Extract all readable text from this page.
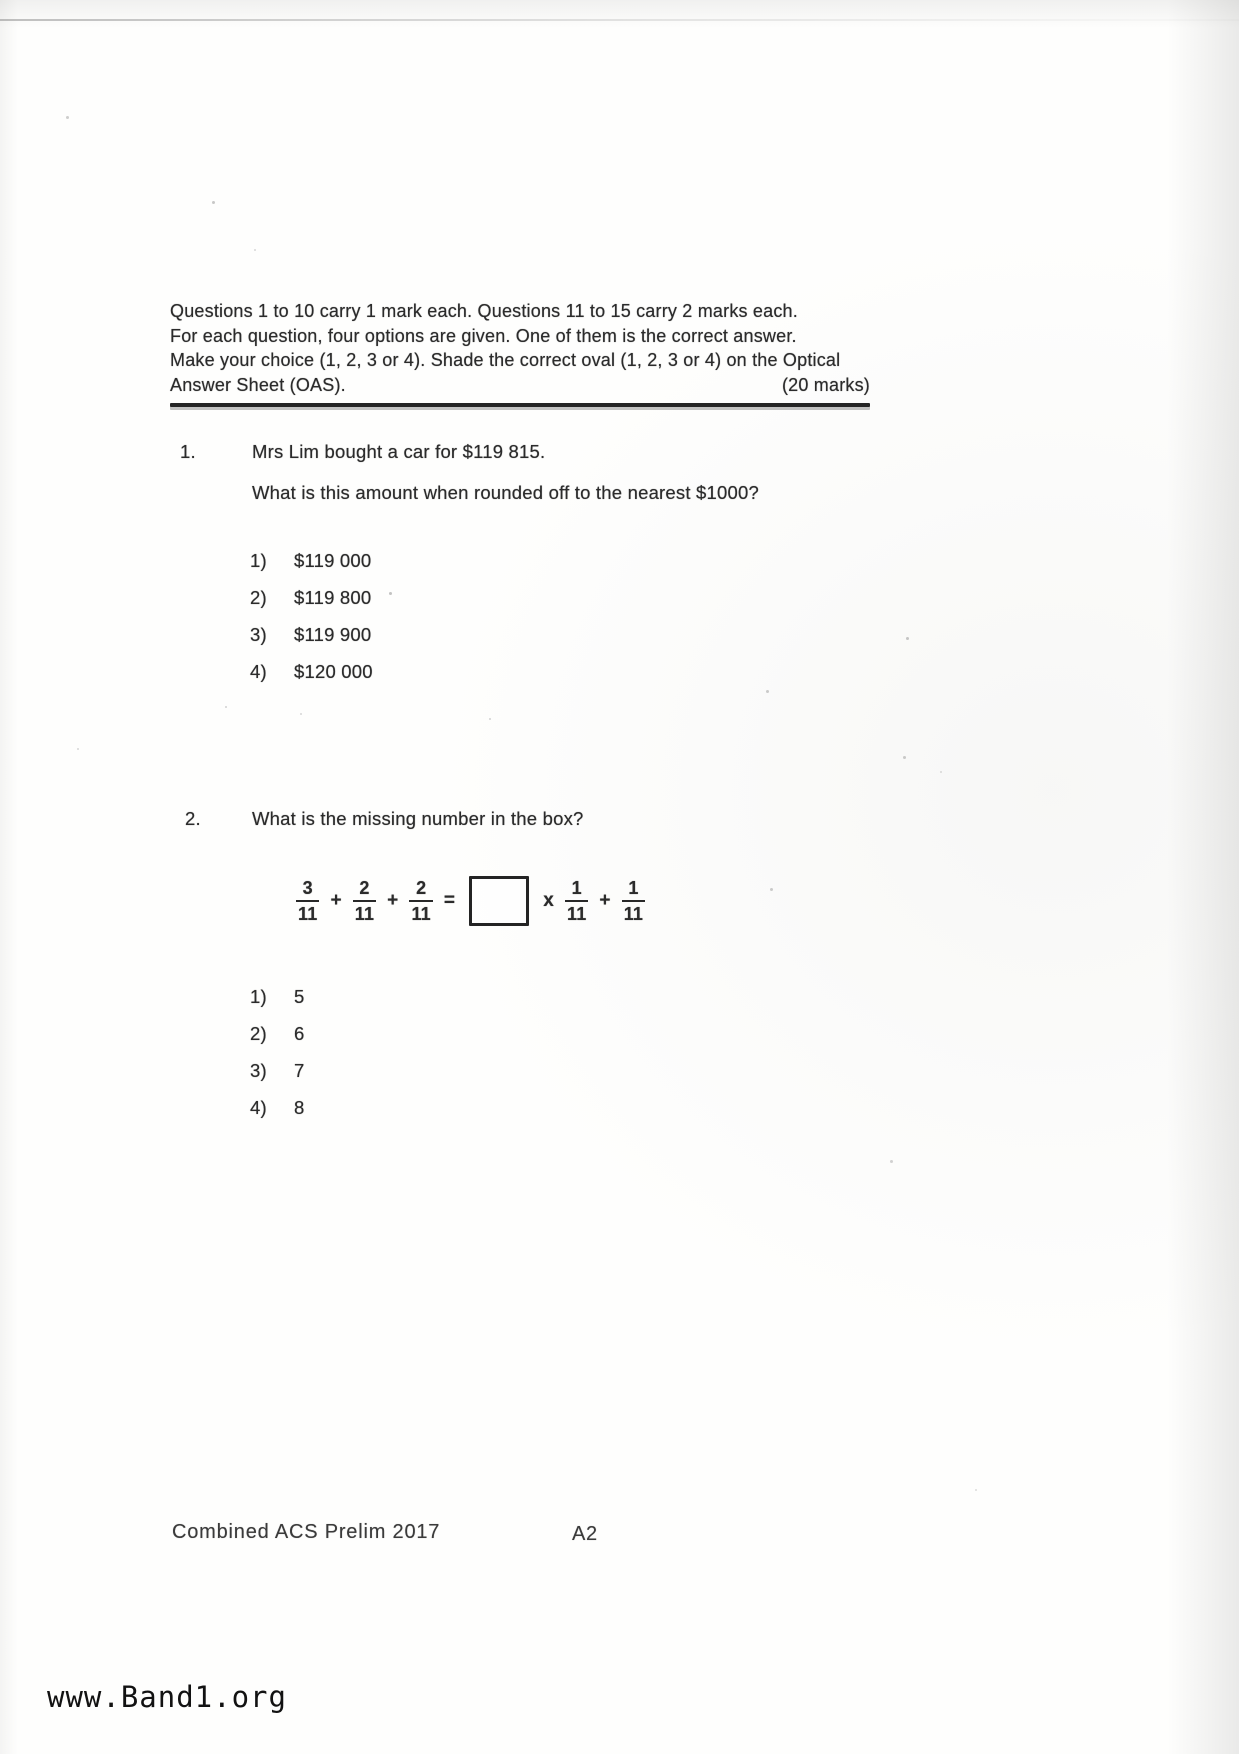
Questions 1 to 10 carry 1 mark each. Questions 11 to 15 carry 2 marks each.
For each question, four options are given. One of them is the correct answer.
Make your choice (1, 2, 3 or 4). Shade the correct oval (1, 2, 3 or 4) on the Optical
Answer Sheet (OAS).	(20 marks)
1.	Mrs Lim bought a car for $119 815.
What is this amount when rounded off to the nearest $1000?
1)	$119 000
2)	$119 800
3)	$119 900
4)	$120 000
2.	What is the missing number in the box?
$\frac{3}{11} + \frac{2}{11} + \frac{2}{11}$ =	x $\frac{1}{11} + \frac{1}{11}$
1)	5
2)	6
3)	7
4)	8
Combined ACS Prelim 2017	A2
www.Band1.org
